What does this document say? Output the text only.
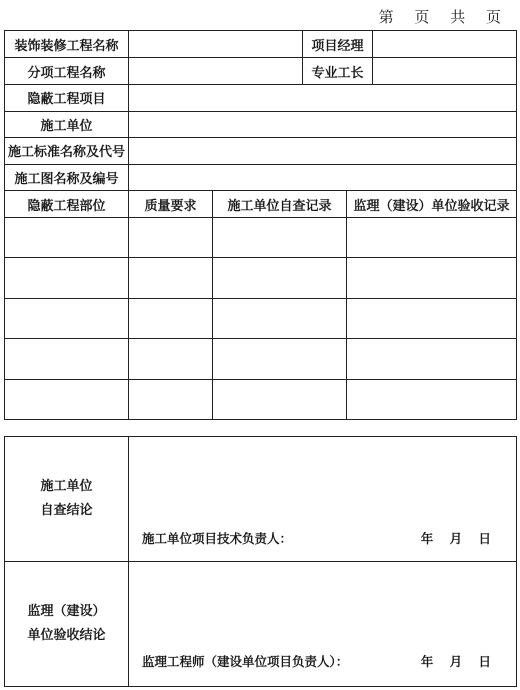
第 页 共 页
装饰装修工程名称			项目经理		
分项工程名称			专业工长		
隐蔽工程项目					
施工单位					
施工标准名称及代号					
施工图名称及编号					
隐蔽工程部位	质量要求	施工单位自查记录		监理（建设）单位验收记录	

施工单位
自查结论	施工单位项目技术负责人： 年 月 日

监理（建设）
单位验收结论	监理工程师（建设单位项目负责人）： 年 月 日
